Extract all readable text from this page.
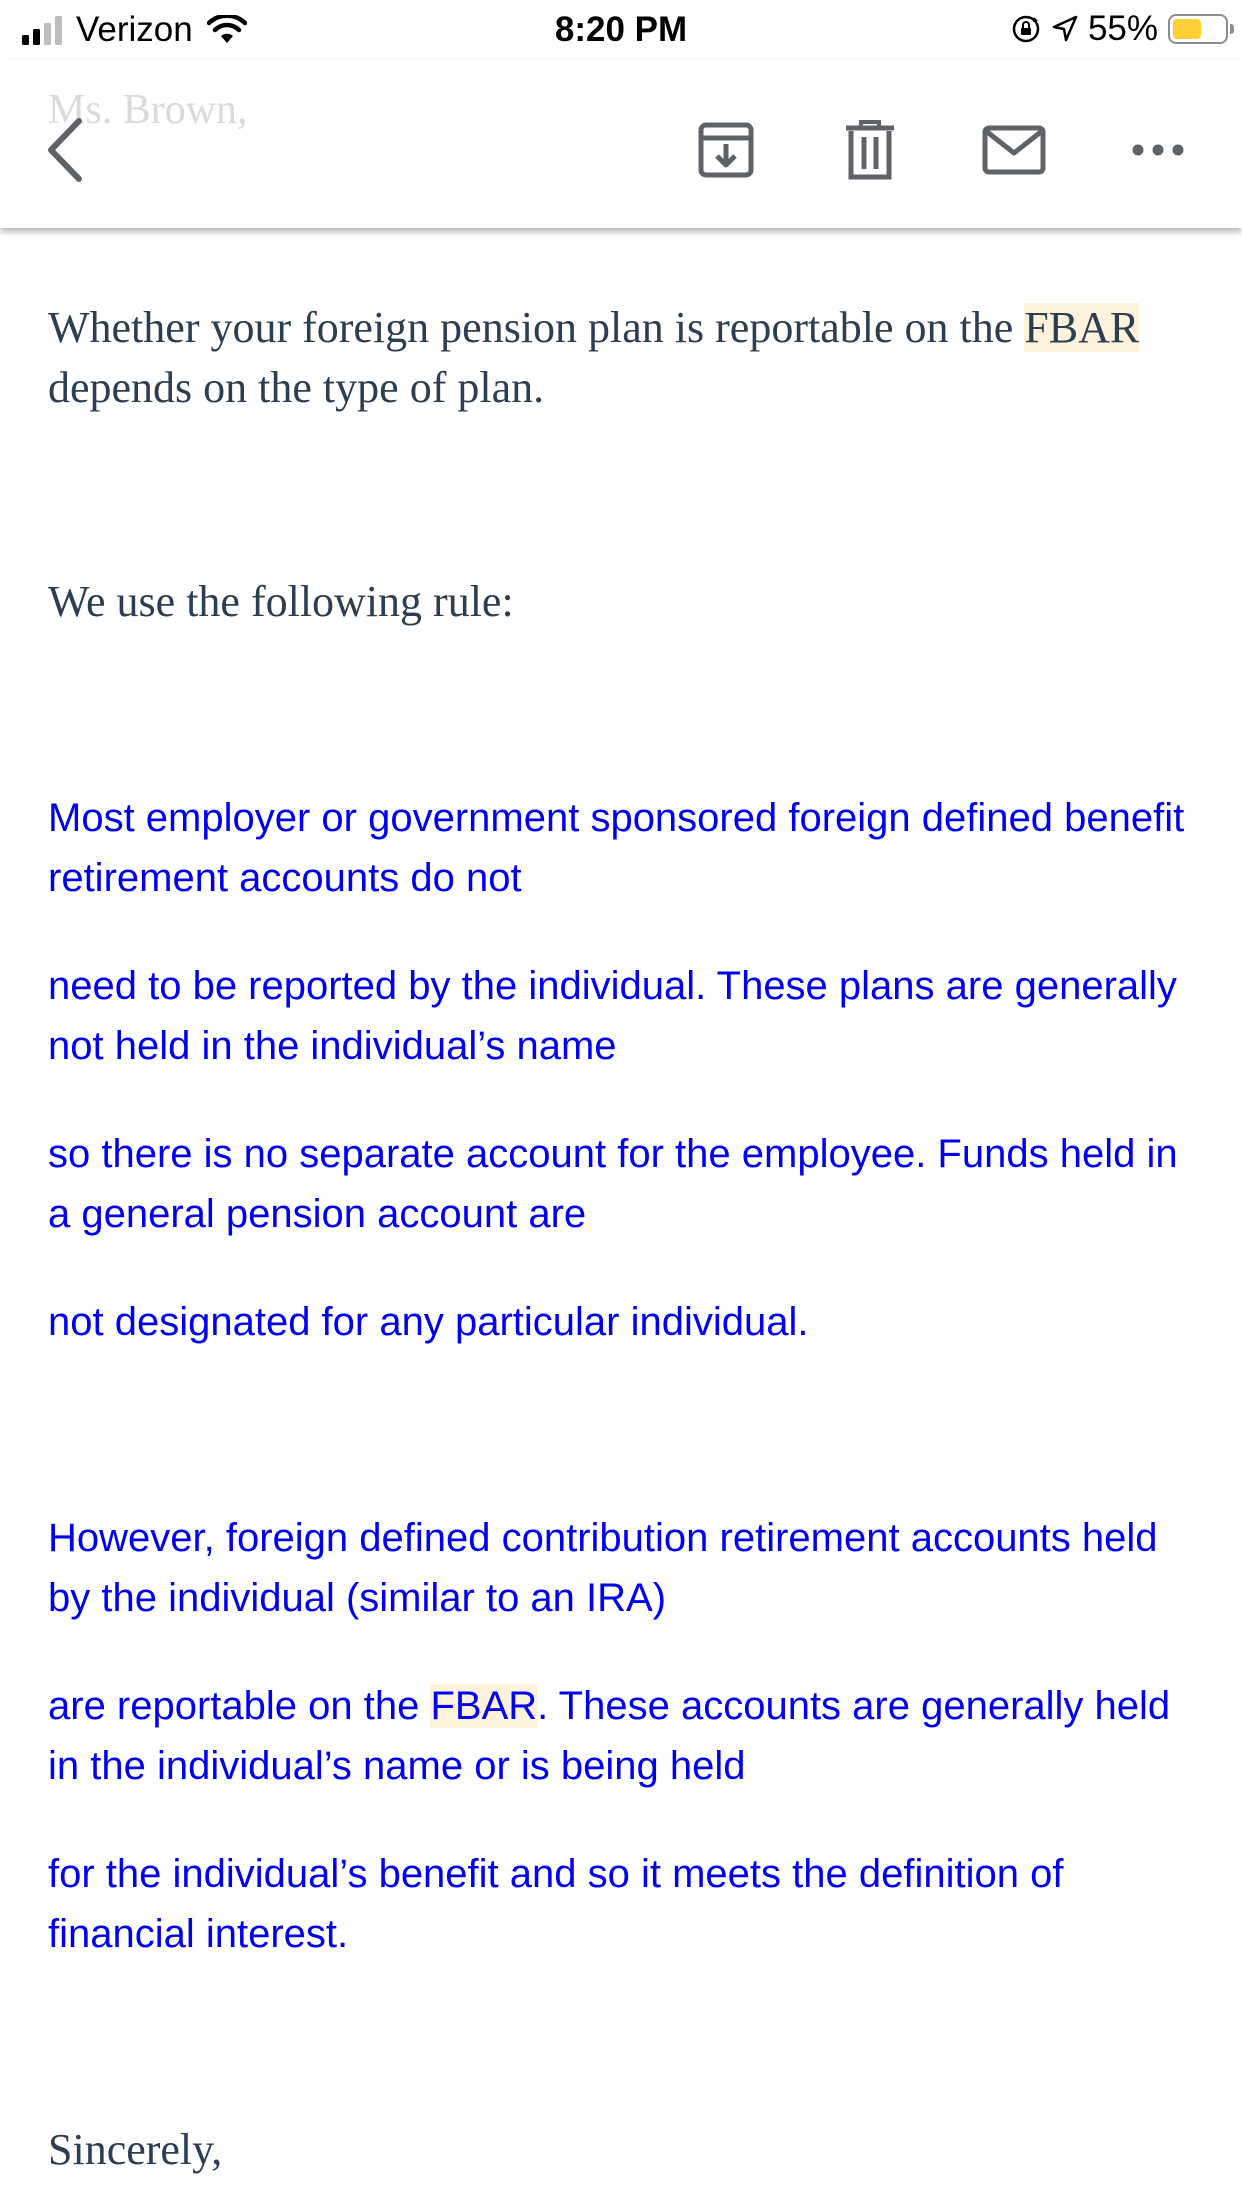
Verizon	8:20 PM	55%
Ms. Brown,
Whether your foreign pension plan is reportable on the FBAR depends on the type of plan.
We use the following rule:
Most employer or government sponsored foreign defined benefit retirement accounts do not
need to be reported by the individual. These plans are generally not held in the individual’s name
so there is no separate account for the employee. Funds held in a general pension account are
not designated for any particular individual.
However, foreign defined contribution retirement accounts held by the individual (similar to an IRA)
are reportable on the FBAR. These accounts are generally held in the individual’s name or is being held
for the individual’s benefit and so it meets the definition of financial interest.
Sincerely,
